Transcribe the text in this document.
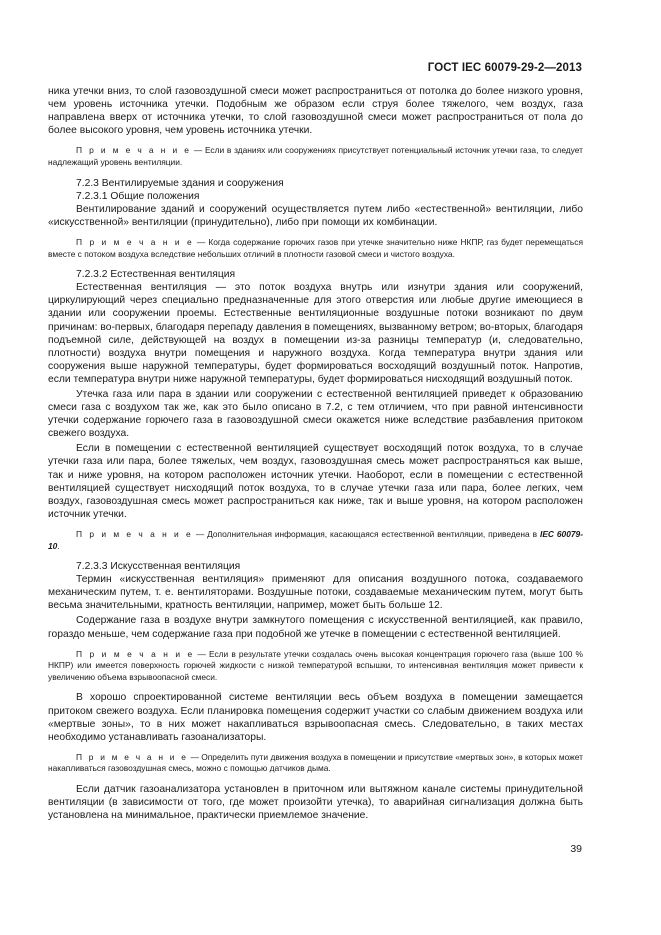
ГОСТ IEC 60079-29-2—2013

ника утечки вниз, то слой газовоздушной смеси может распространиться от потолка до более низкого уровня, чем уровень источника утечки. Подобным же образом если струя более тяжелого, чем воздух, газа направлена вверх от источника утечки, то слой газовоздушной смеси может распространиться от пола до более высокого уровня, чем уровень источника утечки.

П р и м е ч а н и е — Если в зданиях или сооружениях присутствует потенциальный источник утечки газа, то следует надлежащий уровень вентиляции.

7.2.3 Вентилируемые здания и сооружения

7.2.3.1 Общие положения

Вентилирование зданий и сооружений осуществляется путем либо «естественной» вентиляции, либо «искусственной» вентиляции (принудительно), либо при помощи их комбинации.

П р и м е ч а н и е — Когда содержание горючих газов при утечке значительно ниже НКПР, газ будет перемещаться вместе с потоком воздуха вследствие небольших отличий в плотности газовой смеси и чистого воздуха.

7.2.3.2 Естественная вентиляция

Естественная вентиляция — это поток воздуха внутрь или изнутри здания или сооружений, циркулирующий через специально предназначенные для этого отверстия или любые другие имеющиеся в здании или сооружении проемы. Естественные вентиляционные воздушные потоки возникают по двум причинам: во-первых, благодаря перепаду давления в помещениях, вызванному ветром; во-вторых, благодаря подъемной силе, действующей на воздух в помещении из-за разницы температур (и, следовательно, плотности) воздуха внутри помещения и наружного воздуха. Когда температура внутри здания или сооружения выше наружной температуры, будет формироваться восходящий воздушный поток. Напротив, если температура внутри ниже наружной температуры, будет формироваться нисходящий воздушный поток.

Утечка газа или пара в здании или сооружении с естественной вентиляцией приведет к образованию смеси газа с воздухом так же, как это было описано в 7.2, с тем отличием, что при равной интенсивности утечки содержание горючего газа в газовоздушной смеси окажется ниже вследствие разбавления притоком свежего воздуха.

Если в помещении с естественной вентиляцией существует восходящий поток воздуха, то в случае утечки газа или пара, более тяжелых, чем воздух, газовоздушная смесь может распространяться как выше, так и ниже уровня, на котором расположен источник утечки. Наоборот, если в помещении с естественной вентиляцией существует нисходящий поток воздуха, то в случае утечки газа или пара, более легких, чем воздух, газовоздушная смесь может распространиться как ниже, так и выше уровня, на котором расположен источник утечки.

П р и м е ч а н и е — Дополнительная информация, касающаяся естественной вентиляции, приведена в IEC 60079-10.

7.2.3.3 Искусственная вентиляция

Термин «искусственная вентиляция» применяют для описания воздушного потока, создаваемого механическим путем, т. е. вентиляторами. Воздушные потоки, создаваемые механическим путем, могут быть весьма значительными, кратность вентиляции, например, может быть больше 12.

Содержание газа в воздухе внутри замкнутого помещения с искусственной вентиляцией, как правило, гораздо меньше, чем содержание газа при подобной же утечке в помещении с естественной вентиляцией.

П р и м е ч а н и е — Если в результате утечки создалась очень высокая концентрация горючего газа (выше 100 % НКПР) или имеется поверхность горючей жидкости с низкой температурой вспышки, то интенсивная вентиляция может привести к увеличению объема взрывоопасной смеси.

В хорошо спроектированной системе вентиляции весь объем воздуха в помещении замещается притоком свежего воздуха. Если планировка помещения содержит участки со слабым движением воздуха или «мертвые зоны», то в них может накапливаться взрывоопасная смесь. Следовательно, в таких местах необходимо устанавливать газоанализаторы.

П р и м е ч а н и е — Определить пути движения воздуха в помещении и присутствие «мертвых зон», в которых может накапливаться газовоздушная смесь, можно с помощью датчиков дыма.

Если датчик газоанализатора установлен в приточном или вытяжном канале системы принудительной вентиляции (в зависимости от того, где может произойти утечка), то аварийная сигнализация должна быть установлена на минимальное, практически приемлемое значение.

39
